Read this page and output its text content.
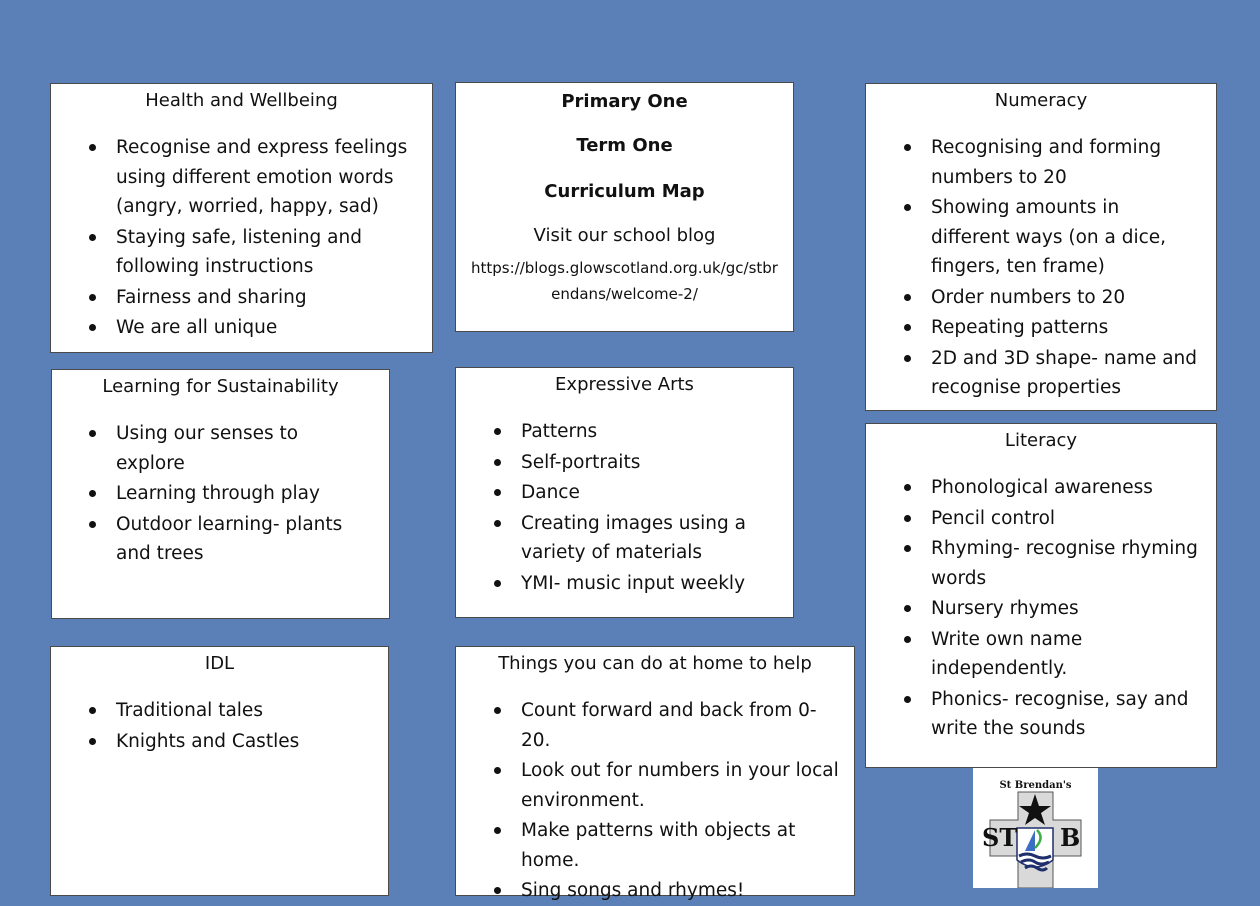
Health and Wellbeing
Recognise and express feelings using different emotion words (angry, worried, happy, sad)
Staying safe, listening and following instructions
Fairness and sharing
We are all unique

Primary One

Term One

Curriculum Map

Visit our school blog

https://blogs.glowscotland.org.uk/gc/stbrendans/welcome-2/

Numeracy
Recognising and forming numbers to 20
Showing amounts in different ways (on a dice, fingers, ten frame)
Order numbers to 20
Repeating patterns
2D and 3D shape- name and recognise properties
Learning for Sustainability
Using our senses to explore
Learning through play
Outdoor learning- plants and trees
Expressive Arts
Patterns
Self-portraits
Dance
Creating images using a variety of materials
YMI- music input weekly
Literacy
Phonological awareness
Pencil control
Rhyming- recognise rhyming words
Nursery rhymes
Write own name independently.
Phonics- recognise, say and write the sounds
IDL
Traditional tales
Knights and Castles
Things you can do at home to help
Count forward and back from 0-20.
Look out for numbers in your local environment.
Make patterns with objects at home.
Sing songs and rhymes!
St Brendan's
ST B
